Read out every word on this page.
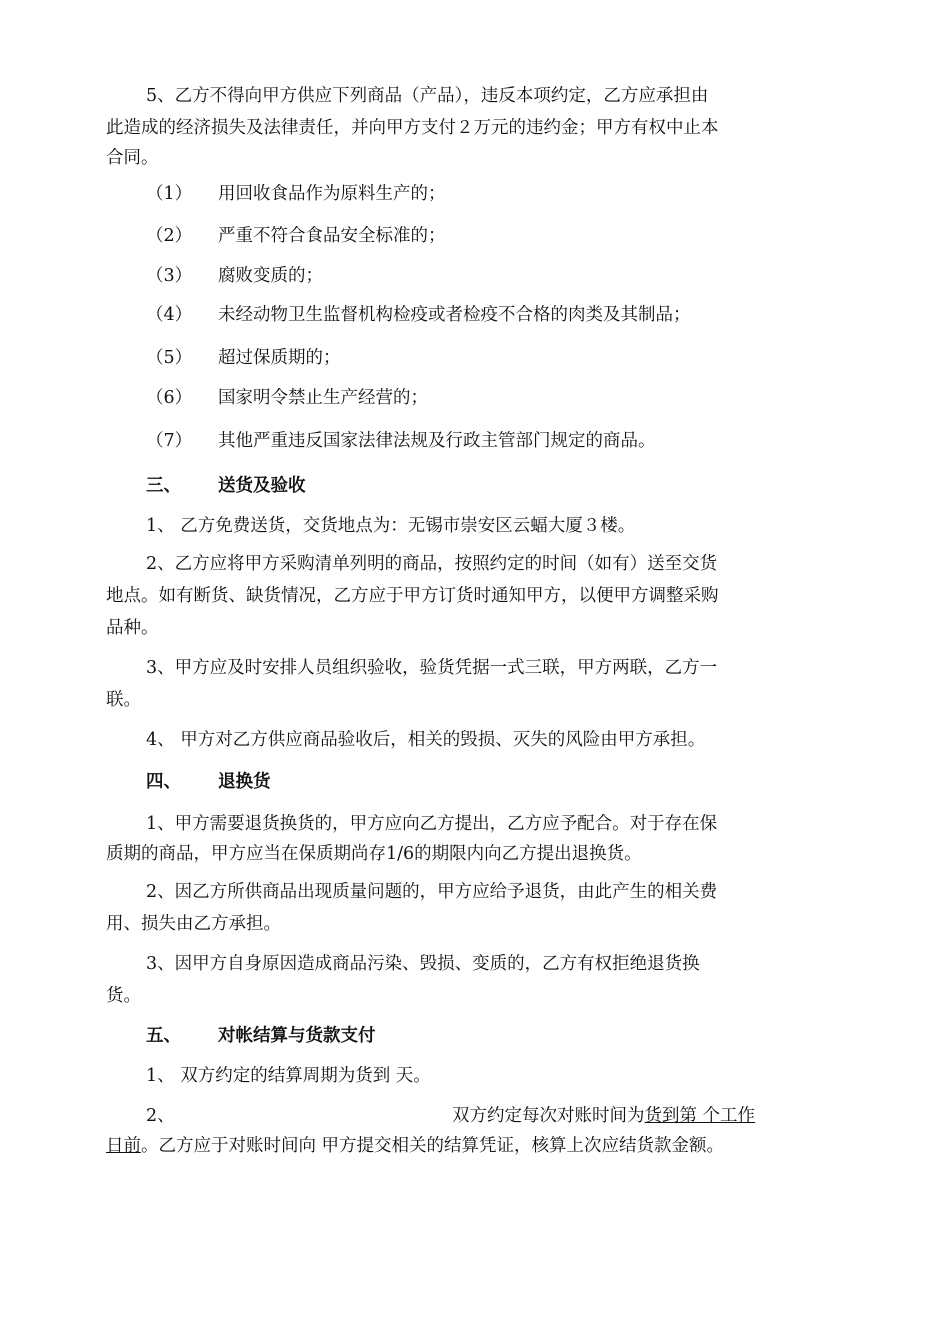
5、乙方不得向甲方供应下列商品（产品），违反本项约定，乙方应承担由
此造成的经济损失及法律责任，并向甲方支付２万元的违约金；甲方有权中止本
合同。
（1） 用回收食品作为原料生产的；
（2） 严重不符合食品安全标准的；
（3） 腐败变质的；
（4） 未经动物卫生监督机构检疫或者检疫不合格的肉类及其制品；
（5） 超过保质期的；
（6） 国家明令禁止生产经营的；
（7） 其他严重违反国家法律法规及行政主管部门规定的商品。
三、 送货及验收
1、 乙方免费送货，交货地点为：无锡市崇安区云蝠大厦３楼。
2、乙方应将甲方采购清单列明的商品，按照约定的时间（如有）送至交货
地点。如有断货、缺货情况，乙方应于甲方订货时通知甲方，以便甲方调整采购
品种。
3、甲方应及时安排人员组织验收，验货凭据一式三联，甲方两联，乙方一
联。
4、 甲方对乙方供应商品验收后，相关的毁损、灭失的风险由甲方承担。
四、 退换货
1、甲方需要退货换货的，甲方应向乙方提出，乙方应予配合。对于存在保
质期的商品，甲方应当在保质期尚存1/6的期限内向乙方提出退换货。
2、因乙方所供商品出现质量问题的，甲方应给予退货，由此产生的相关费
用、损失由乙方承担。
3、因甲方自身原因造成商品污染、毁损、变质的，乙方有权拒绝退货换
货。
五、 对帐结算与货款支付
1、 双方约定的结算周期为货到 天。
2、	双方约定每次对账时间为货到第 个工作
日前。乙方应于对账时间向 甲方提交相关的结算凭证，核算上次应结货款金额。
